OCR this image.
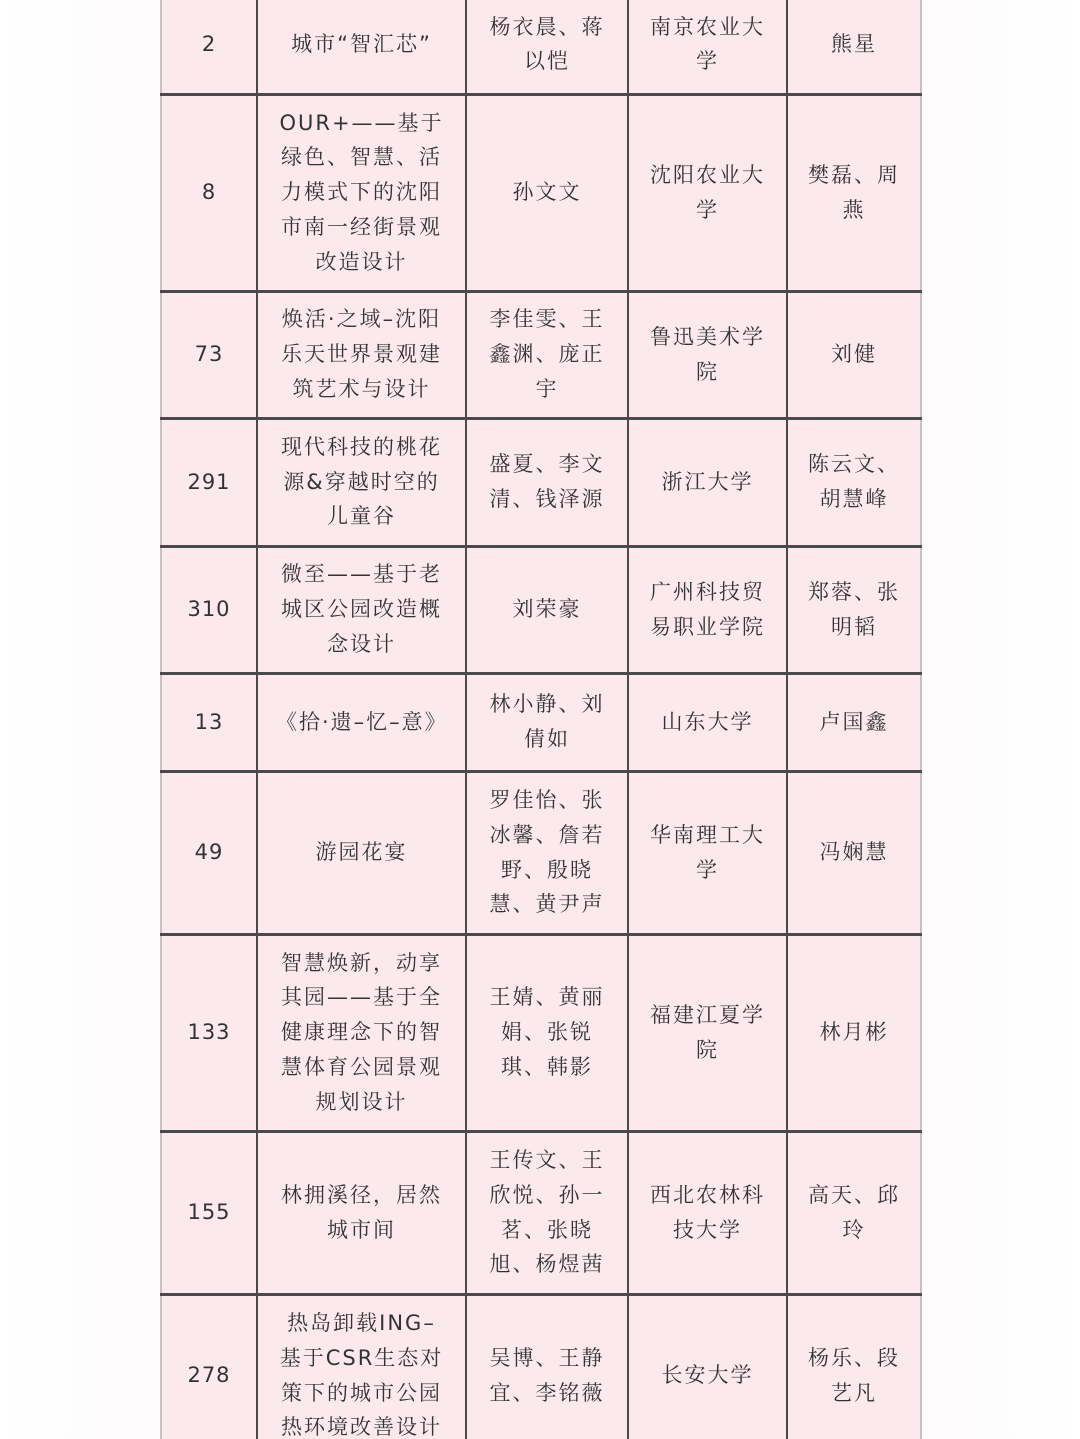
2	城市“智汇芯”	杨衣晨、蒋以恺	南京农业大学	熊星
8	OUR+——基于绿色、智慧、活力模式下的沈阳市南一经街景观改造设计	孙文文	沈阳农业大学	樊磊、周燕
73	焕活·之域–沈阳乐天世界景观建筑艺术与设计	李佳雯、王鑫渊、庞正宇	鲁迅美术学院	刘健
291	现代科技的桃花源&穿越时空的儿童谷	盛夏、李文清、钱泽源	浙江大学	陈云文、胡慧峰
310	微至——基于老城区公园改造概念设计	刘荣豪	广州科技贸易职业学院	郑蓉、张明韬
13	《拾·遗–忆–意》	林小静、刘倩如	山东大学	卢国鑫
49	游园花宴	罗佳怡、张冰馨、詹若野、殷晓慧、黄尹声	华南理工大学	冯娴慧
133	智慧焕新，动享其园——基于全健康理念下的智慧体育公园景观规划设计	王婧、黄丽娟、张锐琪、韩影	福建江夏学院	林月彬
155	林拥溪径，居然城市间	王传文、王欣悦、孙一茗、张晓旭、杨煜茜	西北农林科技大学	高天、邱玲
278	热岛卸载ING–基于CSR生态对策下的城市公园热环境改善设计	吴博、王静宜、李铭薇	长安大学	杨乐、段艺凡
